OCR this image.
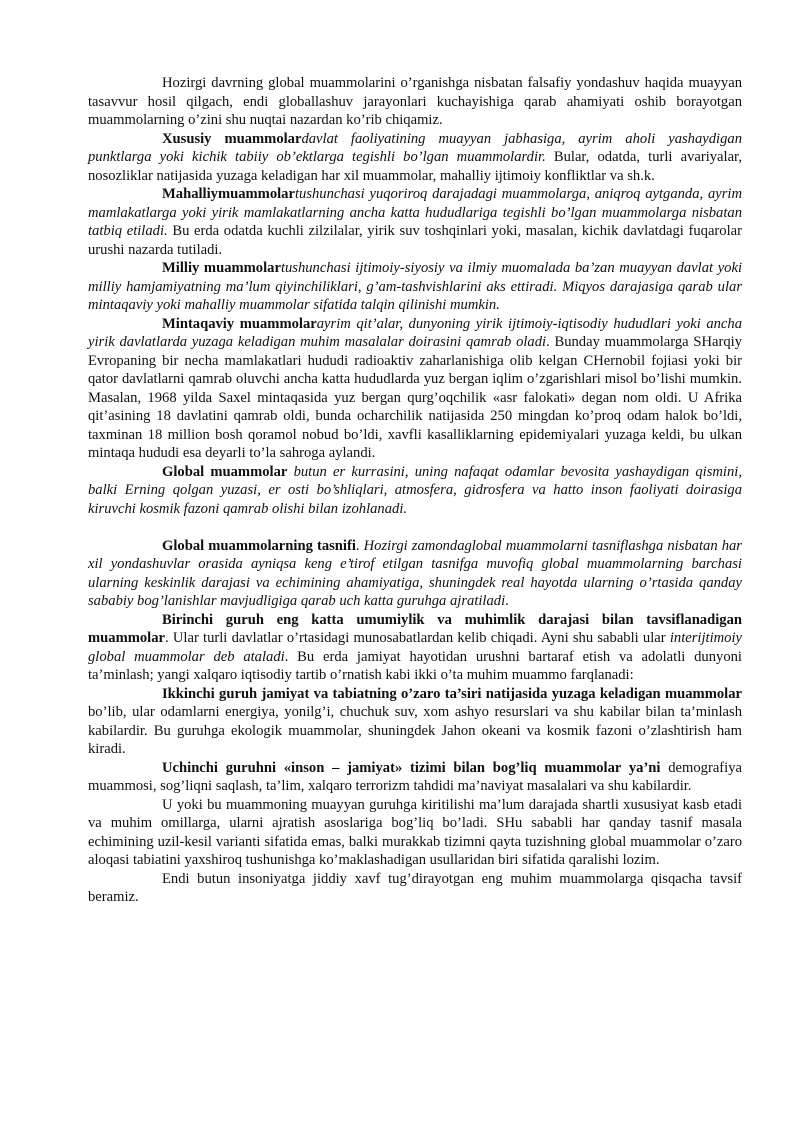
Hozirgi davrning global muammolarini o’rganishga nisbatan falsafiy yondashuv haqida muayyan tasavvur hosil qilgach, endi globallashuv jarayonlari kuchayishiga qarab ahamiyati oshib borayotgan muammolarning o’zini shu nuqtai nazardan ko’rib chiqamiz.

Xususiy muammolardavlat faoliyatining muayyan jabhasiga, ayrim aholi yashaydigan punktlarga yoki kichik tabiiy ob’ektlarga tegishli bo’lgan muammolardir. Bular, odatda, turli avariyalar, nosozliklar natijasida yuzaga keladigan har xil muammolar, mahalliy ijtimoiy konfliktlar va sh.k.

Mahalliymuammolartushunchasi yuqoriroq darajadagi muammolarga, aniqroq aytganda, ayrim mamlakatlarga yoki yirik mamlakatlarning ancha katta hududlariga tegishli bo’lgan muammolarga nisbatan tatbiq etiladi. Bu erda odatda kuchli zilzilalar, yirik suv toshqinlari yoki, masalan, kichik davlatdagi fuqarolar urushi nazarda tutiladi.

Milliy muammolartushunchasi ijtimoiy-siyosiy va ilmiy muomalada ba’zan muayyan davlat yoki milliy hamjamiyatning ma’lum qiyinchiliklari, g’am-tashvishlarini aks ettiradi. Miqyos darajasiga qarab ular mintaqaviy yoki mahalliy muammolar sifatida talqin qilinishi mumkin.

Mintaqaviy muammolarayrim qit’alar, dunyoning yirik ijtimoiy-iqtisodiy hududlari yoki ancha yirik davlatlarda yuzaga keladigan muhim masalalar doirasini qamrab oladi. Bunday muammolarga SHarqiy Evropaning bir necha mamlakatlari hududi radioaktiv zaharlanishiga olib kelgan CHernobil fojiasi yoki bir qator davlatlarni qamrab oluvchi ancha katta hududlarda yuz bergan iqlim o’zgarishlari misol bo’lishi mumkin. Masalan, 1968 yilda Saxel mintaqasida yuz bergan qurg’oqchilik «asr falokati» degan nom oldi. U Afrika qit’asining 18 davlatini qamrab oldi, bunda ocharchilik natijasida 250 mingdan ko’proq odam halok bo’ldi, taxminan 18 million bosh qoramol nobud bo’ldi, xavfli kasalliklarning epidemiyalari yuzaga keldi, bu ulkan mintaqa hududi esa deyarli to’la sahroga aylandi.

Global muammolar butun er kurrasini, uning nafaqat odamlar bevosita yashaydigan qismini, balki Erning qolgan yuzasi, er osti bo’shliqlari, atmosfera, gidrosfera va hatto inson faoliyati doirasiga kiruvchi kosmik fazoni qamrab olishi bilan izohlanadi.

Global muammolarning tasnifi. Hozirgi zamondaglobal muammolarni tasniflashga nisbatan har xil yondashuvlar orasida ayniqsa keng e’tirof etilgan tasnifga muvofiq global muammolarning barchasi ularning keskinlik darajasi va echimining ahamiyatiga, shuningdek real hayotda ularning o’rtasida qanday sababiy bog’lanishlar mavjudligiga qarab uch katta guruhga ajratiladi.

Birinchi guruh eng katta umumiylik va muhimlik darajasi bilan tavsiflanadigan muammolar. Ular turli davlatlar o’rtasidagi munosabatlardan kelib chiqadi. Ayni shu sababli ular interijtimoiy global muammolar deb ataladi. Bu erda jamiyat hayotidan urushni bartaraf etish va adolatli dunyoni ta’minlash; yangi xalqaro iqtisodiy tartib o’rnatish kabi ikki o’ta muhim muammo farqlanadi:

Ikkinchi guruh jamiyat va tabiatning o’zaro ta’siri natijasida yuzaga keladigan muammolar bo’lib, ular odamlarni energiya, yonilg’i, chuchuk suv, xom ashyo resurslari va shu kabilar bilan ta’minlash kabilardir. Bu guruhga ekologik muammolar, shuningdek Jahon okeani va kosmik fazoni o’zlashtirish ham kiradi.

Uchinchi guruhni «inson – jamiyat» tizimi bilan bog’liq muammolar ya’ni demografiya muammosi, sog’liqni saqlash, ta’lim, xalqaro terrorizm tahdidi ma’naviyat masalalari va shu kabilardir.

U yoki bu muammoning muayyan guruhga kiritilishi ma’lum darajada shartli xususiyat kasb etadi va muhim omillarga, ularni ajratish asoslariga bog’liq bo’ladi. SHu sababli har qanday tasnif masala echimining uzil-kesil varianti sifatida emas, balki murakkab tizimni qayta tuzishning global muammolar o’zaro aloqasi tabiatini yaxshiroq tushunishga ko’maklashadigan usullaridan biri sifatida qaralishi lozim.

Endi butun insoniyatga jiddiy xavf tug’dirayotgan eng muhim muammolarga qisqacha tavsif beramiz.
